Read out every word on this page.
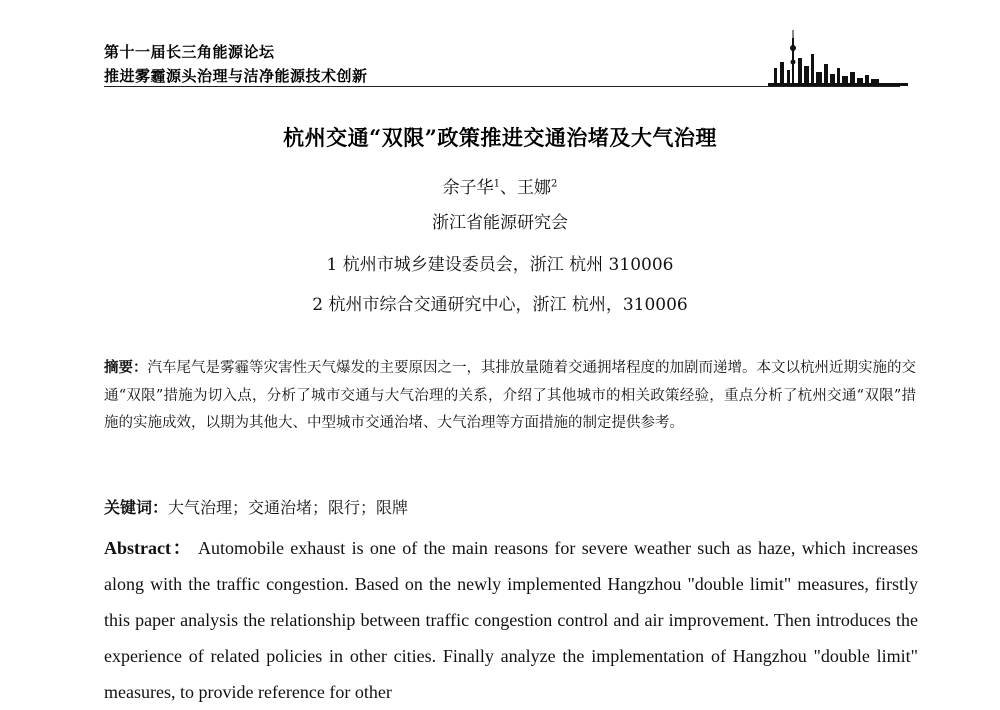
第十一届长三角能源论坛
推进雾霾源头治理与洁净能源技术创新
杭州交通“双限”政策推进交通治堵及大气治理
余子华$^1$、王娜$^2$
浙江省能源研究会
1 杭州市城乡建设委员会，浙江 杭州 310006
2 杭州市综合交通研究中心，浙江 杭州，310006
摘要：汽车尾气是雾霾等灾害性天气爆发的主要原因之一，其排放量随着交通拥堵程度的加剧而递增。本文以杭州近期实施的交通“双限”措施为切入点，分析了城市交通与大气治理的关系，介绍了其他城市的相关政策经验，重点分析了杭州交通“双限”措施的实施成效，以期为其他大、中型城市交通治堵、大气治理等方面措施的制定提供参考。
关键词：大气治理；交通治堵；限行；限牌
Abstract： Automobile exhaust is one of the main reasons for severe weather such as haze, which increases along with the traffic congestion. Based on the newly implemented Hangzhou "double limit" measures, firstly this paper analysis the relationship between traffic congestion control and air improvement. Then introduces the experience of related policies in other cities. Finally analyze the implementation of Hangzhou "double limit" measures, to provide reference for other
